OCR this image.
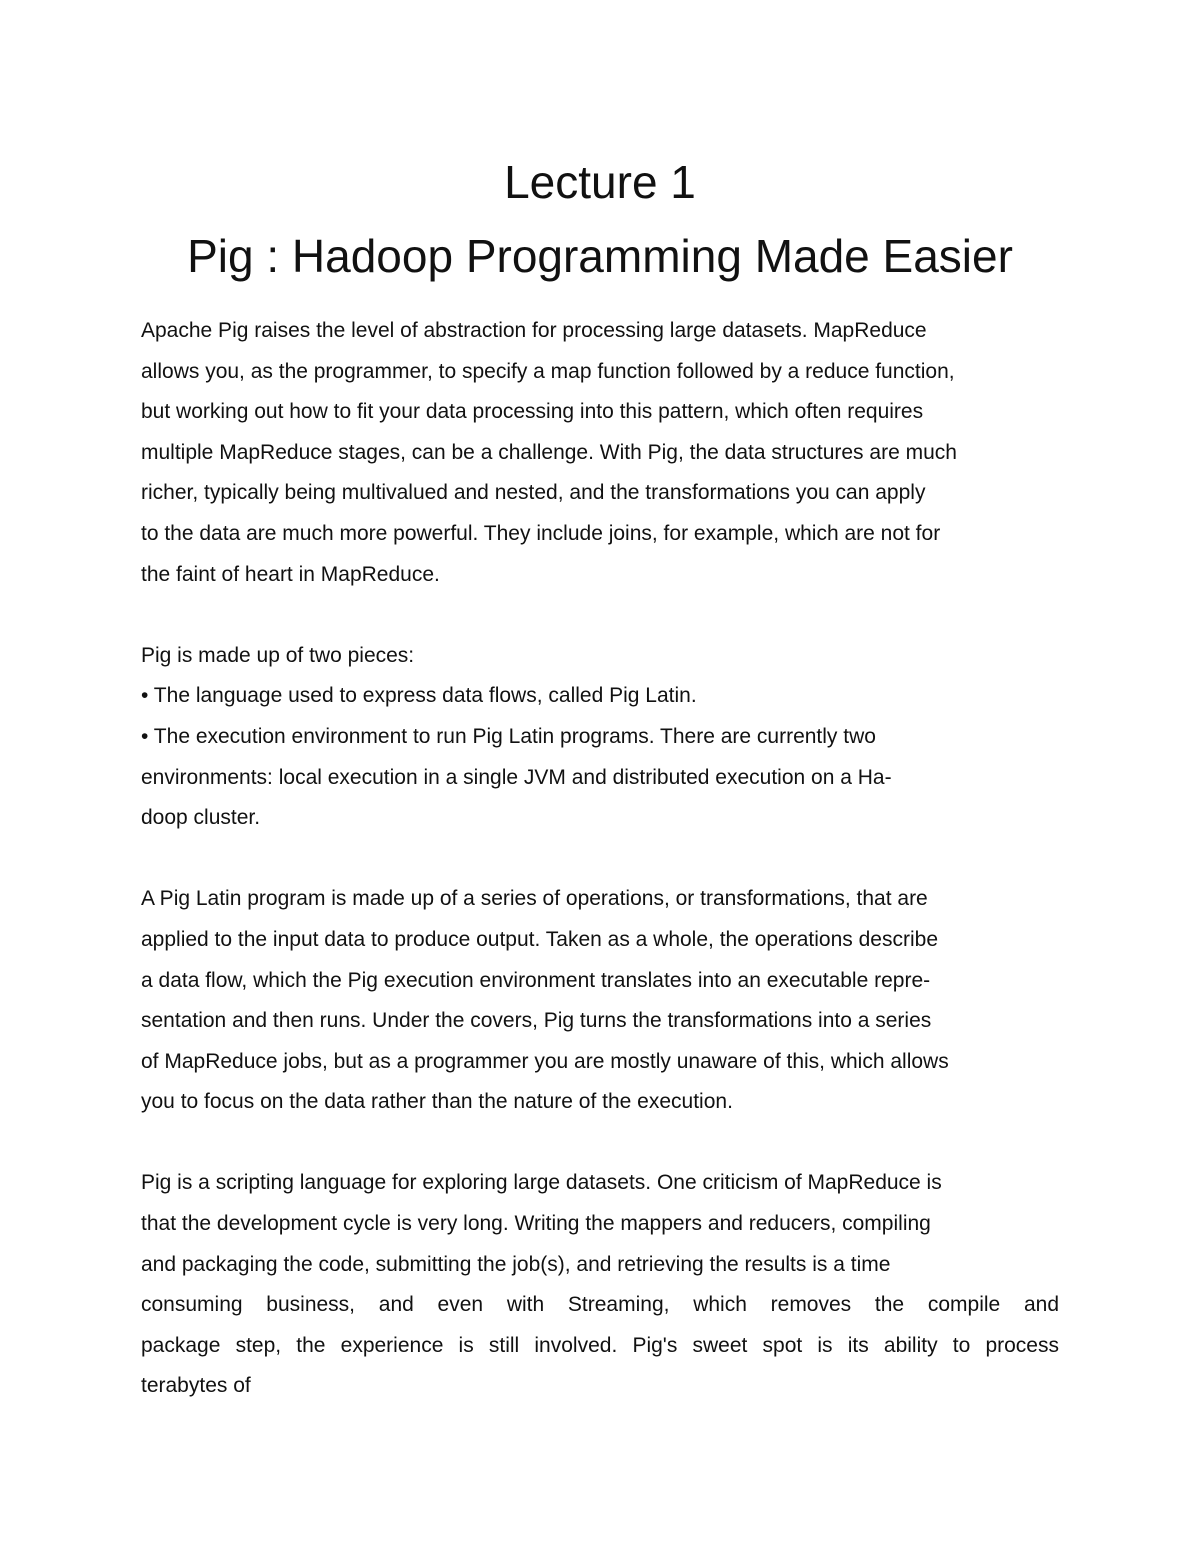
Lecture 1
Pig : Hadoop Programming Made Easier
Apache Pig raises the level of abstraction for processing large datasets. MapReduce
allows you, as the programmer, to specify a map function followed by a reduce function,
but working out how to fit your data processing into this pattern, which often requires
multiple MapReduce stages, can be a challenge. With Pig, the data structures are much
richer, typically being multivalued and nested, and the transformations you can apply
to the data are much more powerful. They include joins, for example, which are not for
the faint of heart in MapReduce.
Pig is made up of two pieces:
• The language used to express data flows, called Pig Latin.
• The execution environment to run Pig Latin programs. There are currently two
environments: local execution in a single JVM and distributed execution on a Ha-
doop cluster.
A Pig Latin program is made up of a series of operations, or transformations, that are
applied to the input data to produce output. Taken as a whole, the operations describe
a data flow, which the Pig execution environment translates into an executable repre-
sentation and then runs. Under the covers, Pig turns the transformations into a series
of MapReduce jobs, but as a programmer you are mostly unaware of this, which allows
you to focus on the data rather than the nature of the execution.
Pig is a scripting language for exploring large datasets. One criticism of MapReduce is
that the development cycle is very long. Writing the mappers and reducers, compiling
and packaging the code, submitting the job(s), and retrieving the results is a time
consuming business, and even with Streaming, which removes the compile and
package step, the experience is still involved. Pig's sweet spot is its ability to process
terabytes of
